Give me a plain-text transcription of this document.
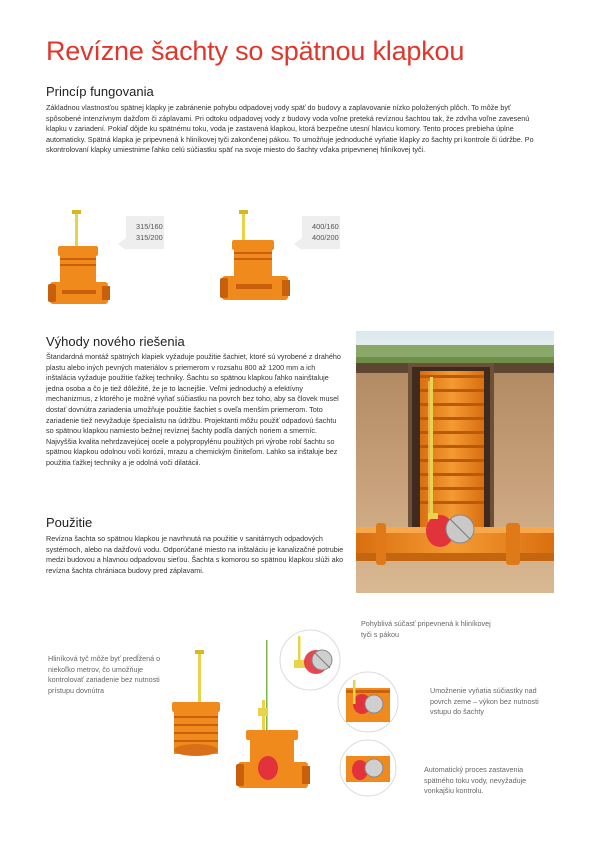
Revízne šachty so spätnou klapkou
Princíp fungovania

Základnou vlastnosťou spätnej klapky je zabránenie pohybu odpadovej vody späť do budovy a zaplavovanie nízko položených plôch. To môže byť spôsobené intenzívnym dažďom či záplavami. Pri odtoku odpadovej vody z budovy voda voľne preteká revíznou šachtou tak, že zdvíha voľne zavesenú klapku v zariadení. Pokiaľ dôjde ku spätnému toku, voda je zastavená klapkou, ktorá bezpečne utesní hlavicu komory. Tento proces prebieha úplne automaticky. Spätná klapka je pripevnená k hliníkovej tyči zakončenej pákou. To umožňuje jednoduché vyňatie klapky zo šachty pri kontrole či údržbe. Po skontrolovaní klapky umiestnime ľahko celú súčiastku späť na svoje miesto do šachty vďaka pripevnenej hliníkovej tyči.

315/160
315/200
400/160
400/200
Výhody nového riešenia

Štandardná montáž spätných klapiek vyžaduje použitie šachiet, ktoré sú vyrobené z drahého plastu alebo iných pevných materiálov s priemerom v rozsahu 800 až 1200 mm a ich inštalácia vyžaduje použitie ťažkej techniky. Šachtu so spätnou klapkou ľahko nainštaluje jedna osoba a čo je tiež dôležité, že je to lacnejšie. Veľmi jednoduchý a efektívny mechanizmus, z ktorého je možné vyňať súčiastku na povrch bez toho, aby sa človek musel dostať dovnútra zariadenia umožňuje použitie šachiet s oveľa menším priemerom. Toto zariadenie tiež nevyžaduje špecialistu na údržbu. Projektanti môžu použiť odpadovú šachtu so spätnou klapkou namiesto bežnej revíznej šachty podľa daných noriem a smerníc. Najvyššia kvalita nehrdzavejúcej ocele a polypropylénu použitých pri výrobe robí šachtu so spätnou klapkou odolnou voči korózii, mrazu a chemickým činiteľom. Lahko sa inštaluje bez použitia ťažkej techniky a je odolná voči dilatácii.

Použitie

Revízna šachta so spätnou klapkou je navrhnutá na použitie v sanitárnych odpadových systémoch, alebo na dažďovú vodu. Odporúčané miesto na inštaláciu je kanalizačné potrubie medzi budovou a hlavnou odpadovou sieťou. Šachta s komorou so spätnou klapkou slúži ako revízna šachta chrániaca budovy pred záplavami.

Pohyblivá súčasť pripevnená k hliníkovej tyči s pákou

Hliníková tyč môže byť predĺžená o niekoľko metrov, čo umožňuje kontrolovať zariadenie bez nutnosti prístupu dovnútra	Umožnenie vyňatia súčiastky nad povrch zeme – výkon bez nutnosti vstupu do šachty

Automatický proces zastavenia spätného toku vody, nevyžaduje vonkajšiu kontrolu.
